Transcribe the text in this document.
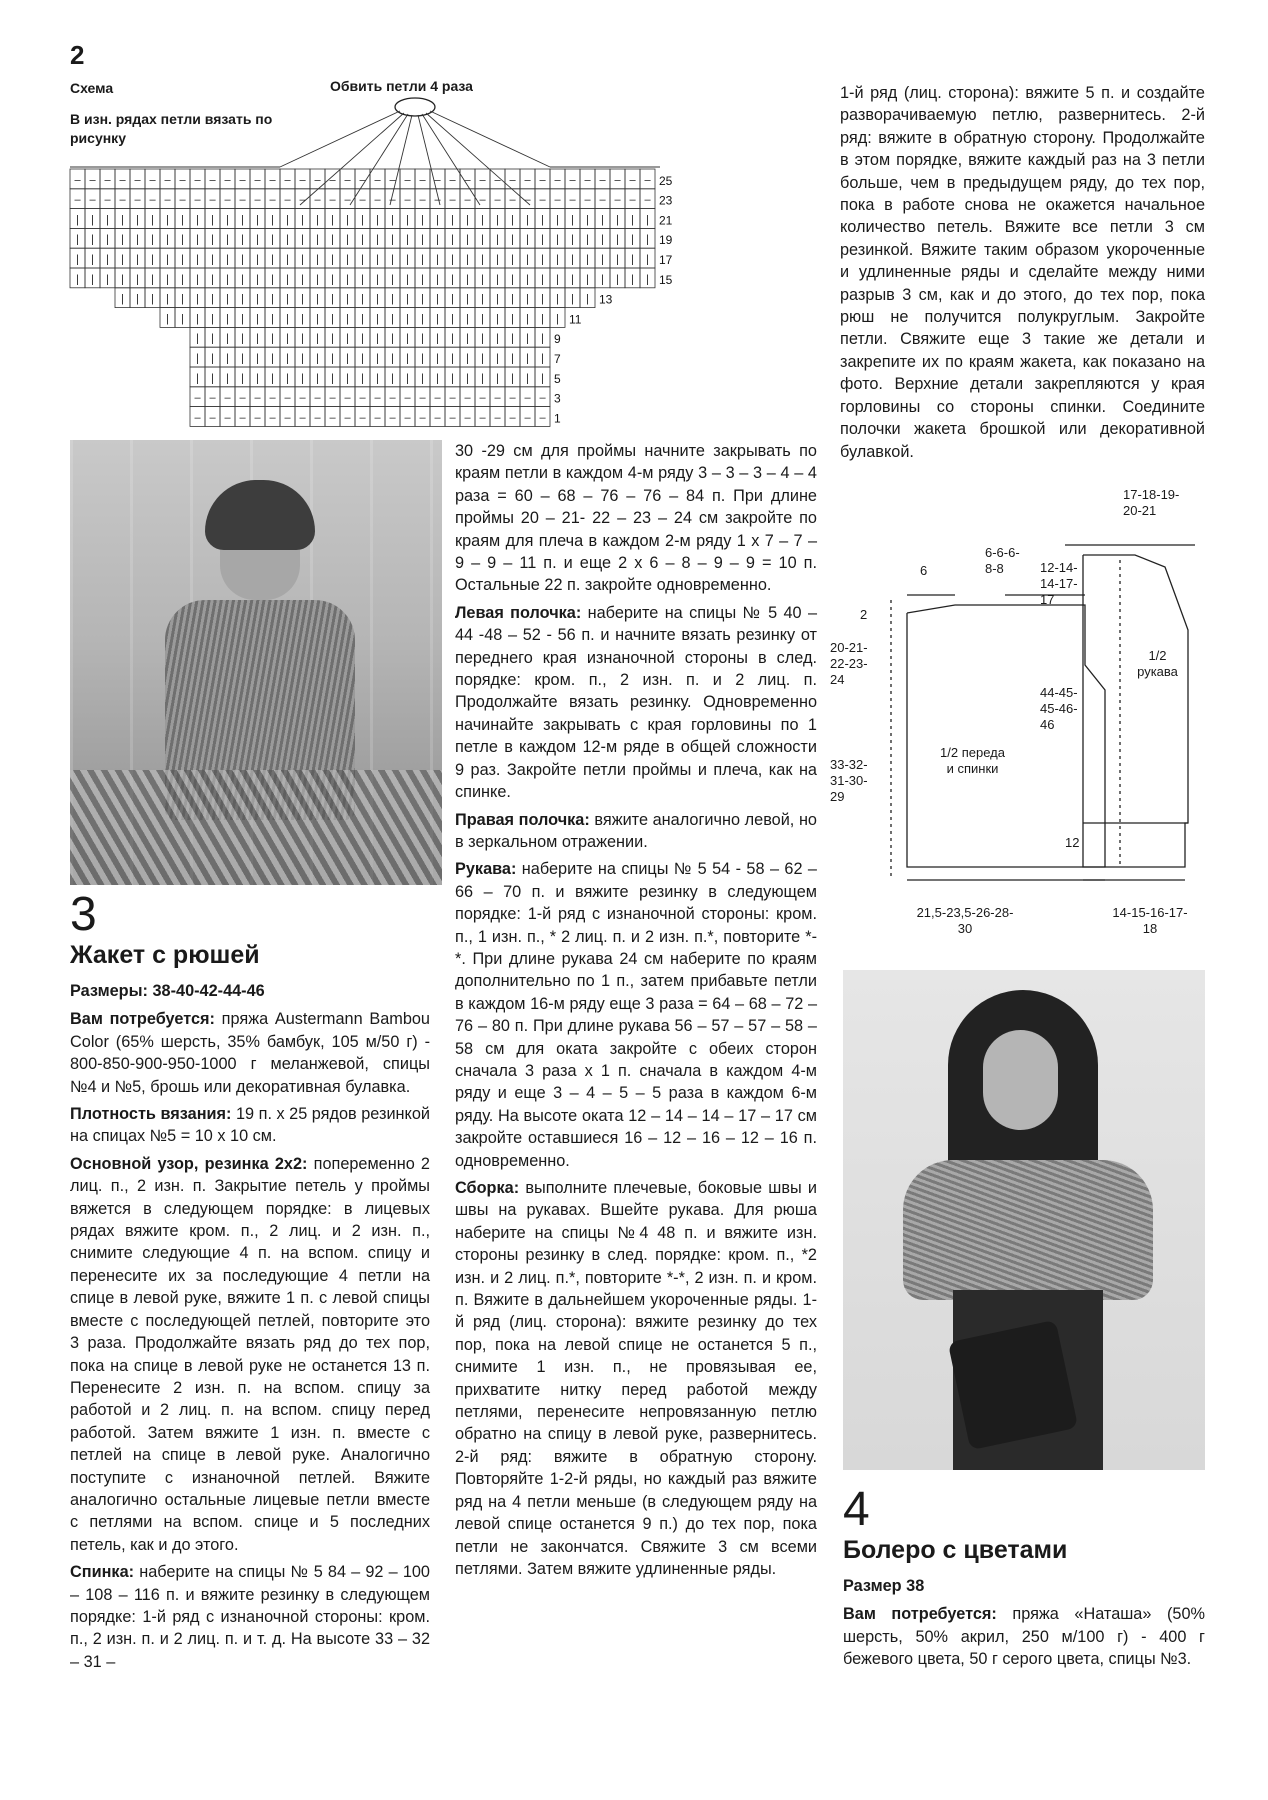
2
Схема
В изн. рядах петли вязать по рисунку
Обвить петли 4 раза
– – – – – – – – – – – – – – – – – – – – – – – – – – – – – – – – – – – – – – –
– – – – – – – – – – – – – – – – – – – – – – – – – – – – – – – – – – – – – – –
| | | | | | | | | | | | | | | | | | | | | | | | | | | | | | | | | | | | | | |
| | | | | | | | | | | | | | | | | | | | | | | | | | | | | | | | | | | | | | |
| | | | | | | | | | | | | | | | | | | | | | | | | | | | | | | | | | | | | | |
| | | | | | | | | | | | | | | | | | | | | | | | | | | | | | | | | | | | | | |
| | | | | | | | | | | | | | | | | | | | | | | | | | | | | | | |
| | | | | | | | | | | | | | | | | | | | | | | | | | |
| | | | | | | | | | | | | | | | | | | | | | | |
| | | | | | | | | | | | | | | | | | | | | | | |
| | | | | | | | | | | | | | | | | | | | | | | |
– – – – – – – – – – – – – – – – – – – – – – – –
– – – – – – – – – – – – – – – – – – – – – – – –
25
23
21
19
17
15
13
11
9
7
5
3
1
3
Жакет с рюшей
Размеры: 38-40-42-44-46

Вам потребуется: пряжа Austermann Bambou Color (65% шерсть, 35% бамбук, 105 м/50 г) - 800-850-900-950-1000 г меланжевой, спицы №4 и №5, брошь или декоративная булавка.

Плотность вязания: 19 п. x 25 рядов резинкой на спицах №5 = 10 x 10 см.

Основной узор, резинка 2x2: попеременно 2 лиц. п., 2 изн. п. Закрытие петель у проймы вяжется в следующем порядке: в лицевых рядах вяжите кром. п., 2 лиц. и 2 изн. п., снимите следующие 4 п. на вспом. спицу и перенесите их за последующие 4 петли на спице в левой руке, вяжите 1 п. с левой спицы вместе с последующей петлей, повторите это 3 раза. Продолжайте вязать ряд до тех пор, пока на спице в левой руке не останется 13 п. Перенесите 2 изн. п. на вспом. спицу за работой и 2 лиц. п. на вспом. спицу перед работой. Затем вяжите 1 изн. п. вместе с петлей на спице в левой руке. Аналогично поступите с изнаночной петлей. Вяжите аналогично остальные лицевые петли вместе с петлями на вспом. спице и 5 последних петель, как и до этого.

Спинка: наберите на спицы № 5 84 – 92 – 100 – 108 – 116 п. и вяжите резинку в следующем порядке: 1-й ряд с изнаночной стороны: кром. п., 2 изн. п. и 2 лиц. п. и т. д. На высоте 33 – 32 – 31 –

30 -29 см для проймы начните закрывать по краям петли в каждом 4-м ряду 3 – 3 – 3 – 4 – 4 раза = 60 – 68 – 76 – 76 – 84 п. При длине проймы 20 – 21- 22 – 23 – 24 см закройте по краям для плеча в каждом 2-м ряду 1 x 7 – 7 – 9 – 9 – 11 п. и еще 2 x 6 – 8 – 9 – 9 = 10 п. Остальные 22 п. закройте одновременно.

Левая полочка: наберите на спицы № 5 40 – 44 -48 – 52 - 56 п. и начните вязать резинку от переднего края изнаночной стороны в след. порядке: кром. п., 2 изн. п. и 2 лиц. п. Продолжайте вязать резинку. Одновременно начинайте закрывать с края горловины по 1 петле в каждом 12-м ряде в общей сложности 9 раз. Закройте петли проймы и плеча, как на спинке.

Правая полочка: вяжите аналогично левой, но в зеркальном отражении.

Рукава: наберите на спицы № 5 54 - 58 – 62 – 66 – 70 п. и вяжите резинку в следующем порядке: 1-й ряд с изнаночной стороны: кром. п., 1 изн. п., * 2 лиц. п. и 2 изн. п.*, повторите *-*. При длине рукава 24 см наберите по краям дополнительно по 1 п., затем прибавьте петли в каждом 16-м ряду еще 3 раза = 64 – 68 – 72 – 76 – 80 п. При длине рукава 56 – 57 – 57 – 58 – 58 см для оката закройте с обеих сторон сначала 3 раза x 1 п. сначала в каждом 4-м ряду и еще 3 – 4 – 5 – 5 раза в каждом 6-м ряду. На высоте оката 12 – 14 – 14 – 17 – 17 см закройте оставшиеся 16 – 12 – 16 – 12 – 16 п. одновременно.

Сборка: выполните плечевые, боковые швы и швы на рукавах. Вшейте рукава. Для рюша наберите на спицы №4 48 п. и вяжите изн. стороны резинку в след. порядке: кром. п., *2 изн. и 2 лиц. п.*, повторите *-*, 2 изн. п. и кром. п. Вяжите в дальнейшем укороченные ряды. 1-й ряд (лиц. сторона): вяжите резинку до тех пор, пока на левой спице не останется 5 п., снимите 1 изн. п., не провязывая ее, прихватите нитку перед работой между петлями, перенесите непровязанную петлю обратно на спицу в левой руке, развернитесь. 2-й ряд: вяжите в обратную сторону. Повторяйте 1-2-й ряды, но каждый раз вяжите ряд на 4 петли меньше (в следующем ряду на левой спице останется 9 п.) до тех пор, пока петли не закончатся. Свяжите 3 см всеми петлями. Затем вяжите удлиненные ряды.

1-й ряд (лиц. сторона): вяжите 5 п. и создайте разворачиваемую петлю, развернитесь. 2-й ряд: вяжите в обратную сторону. Продолжайте в этом порядке, вяжите каждый раз на 3 петли больше, чем в предыдущем ряду, до тех пор, пока в работе снова не окажется начальное количество петель. Вяжите все петли 3 см резинкой. Вяжите таким образом укороченные и удлиненные ряды и сделайте между ними разрыв 3 см, как и до этого, до тех пор, пока рюш не получится полукруглым. Закройте петли. Свяжите еще 3 такие же детали и закрепите их по краям жакета, как показано на фото. Верхние детали закрепляются у края горловины со стороны спинки. Соедините полочки жакета брошкой или декоративной булавкой.

17-18-19-20-21
6-6-6-8-8
6
2
20-21-22-23-24
33-32-31-30-29
1/2 переда и спинки
21,5-23,5-26-28-30
12-14-14-17-17
1/2 рукава
44-45-45-46-46
12
14-15-16-17-18
4
Болеро с цветами
Размер 38

Вам потребуется: пряжа «Наташа» (50% шерсть, 50% акрил, 250 м/100 г) - 400 г бежевого цвета, 50 г серого цвета, спицы №3.
